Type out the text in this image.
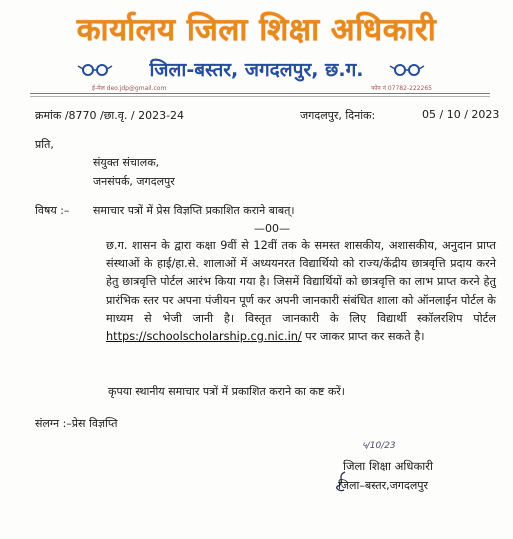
कार्यालय जिला शिक्षा अधिकारी
जिला-बस्तर, जगदलपुर, छ.ग.
ई-मेल deo.jdp@gmail.com	फोन नं 07782-222265
क्रमांक /8770 /छा.वृ. / 2023-24	जगदलपुर, दिनांक:	05 / 10 / 2023
प्रति,
संयुक्त संचालक,
जनसंपर्क, जगदलपुर
विषय :– समाचार पत्रों में प्रेस विज्ञप्ति प्रकाशित कराने बाबत्।
—00—
छ.ग. शासन के द्वारा कक्षा 9वीं से 12वीं तक के समस्त शासकीय, अशासकीय, अनुदान प्राप्त संस्थाओं के हाई/हा.से. शालाओं में अध्ययनरत विद्यार्थियो को राज्य/केंद्रीय छात्रवृत्ति प्रदाय करने हेतु छात्रवृत्ति पोर्टल आरंभ किया गया है। जिसमें विद्यार्थियों को छात्रवृत्ति का लाभ प्राप्त करने हेतु प्रारंभिक स्तर पर अपना पंजीयन पूर्ण कर अपनी जानकारी संबंधित शाला को ऑनलाईन पोर्टल के माध्यम से भेजी जानी है। विस्तृत जानकारी के लिए विद्यार्थी स्कॉलरशिप पोर्टल https://schoolscholarship.cg.nic.in/ पर जाकर प्राप्त कर सकते है।
कृपया स्थानीय समाचार पत्रों में प्रकाशित कराने का कष्ट करें।
संलग्न :–प्रेस विज्ञप्ति
५/10/23
जिला शिक्षा अधिकारी
जिला–बस्तर,जगदलपुर
